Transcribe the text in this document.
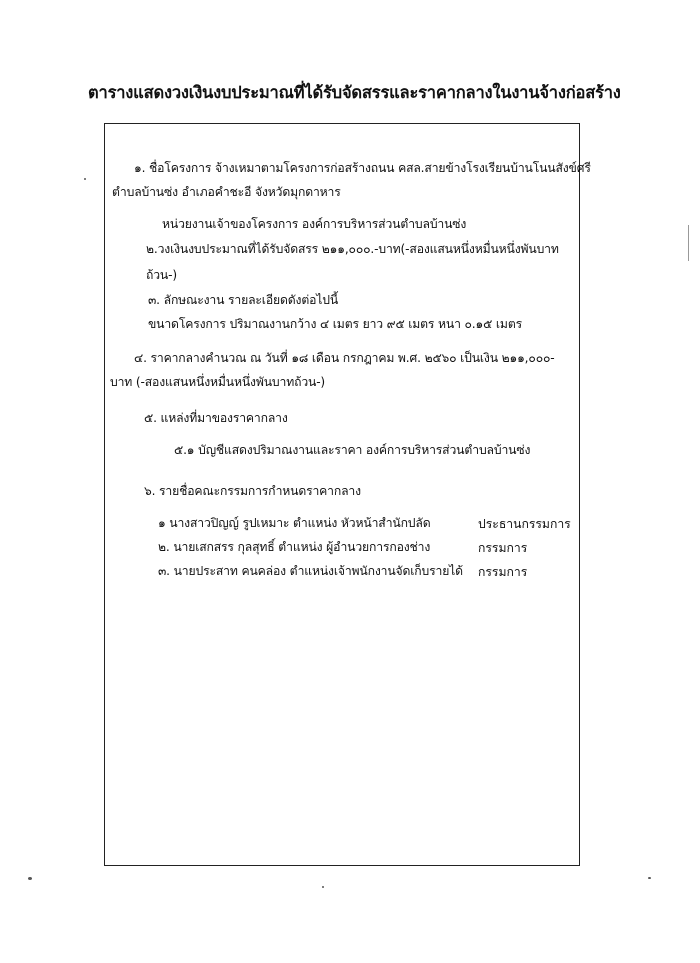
ตารางแสดงวงเงินงบประมาณที่ได้รับจัดสรรและราคากลางในงานจ้างก่อสร้าง
๑. ชื่อโครงการ จ้างเหมาตามโครงการก่อสร้างถนน คสล.สายข้างโรงเรียนบ้านโนนสังข์ศรี
ตำบลบ้านซ่ง อำเภอคำชะอี จังหวัดมุกดาหาร
หน่วยงานเจ้าของโครงการ องค์การบริหารส่วนตำบลบ้านซ่ง
๒.วงเงินงบประมาณที่ได้รับจัดสรร ๒๑๑,๐๐๐.-บาท(-สองแสนหนึ่งหมื่นหนึ่งพันบาท
ถ้วน-)
๓. ลักษณะงาน รายละเอียดดังต่อไปนี้
ขนาดโครงการ ปริมาณงานกว้าง ๔ เมตร ยาว ๙๕ เมตร หนา ๐.๑๕ เมตร
๔. ราคากลางคำนวณ ณ วันที่ ๑๘ เดือน กรกฎาคม พ.ศ. ๒๕๖๐ เป็นเงิน ๒๑๑,๐๐๐-
บาท (-สองแสนหนึ่งหมื่นหนึ่งพันบาทถ้วน-)
๕. แหล่งที่มาของราคากลาง
๕.๑ บัญชีแสดงปริมาณงานและราคา องค์การบริหารส่วนตำบลบ้านซ่ง
๖. รายชื่อคณะกรรมการกำหนดราคากลาง
๑ นางสาวปิญญ์ รูปเหมาะ ตำแหน่ง หัวหน้าสำนักปลัด	ประธานกรรมการ
๒. นายเสกสรร กุลสุทธิ์ ตำแหน่ง ผู้อำนวยการกองช่าง	กรรมการ
๓. นายประสาท คนคล่อง ตำแหน่งเจ้าพนักงานจัดเก็บรายได้ กรรมการ
